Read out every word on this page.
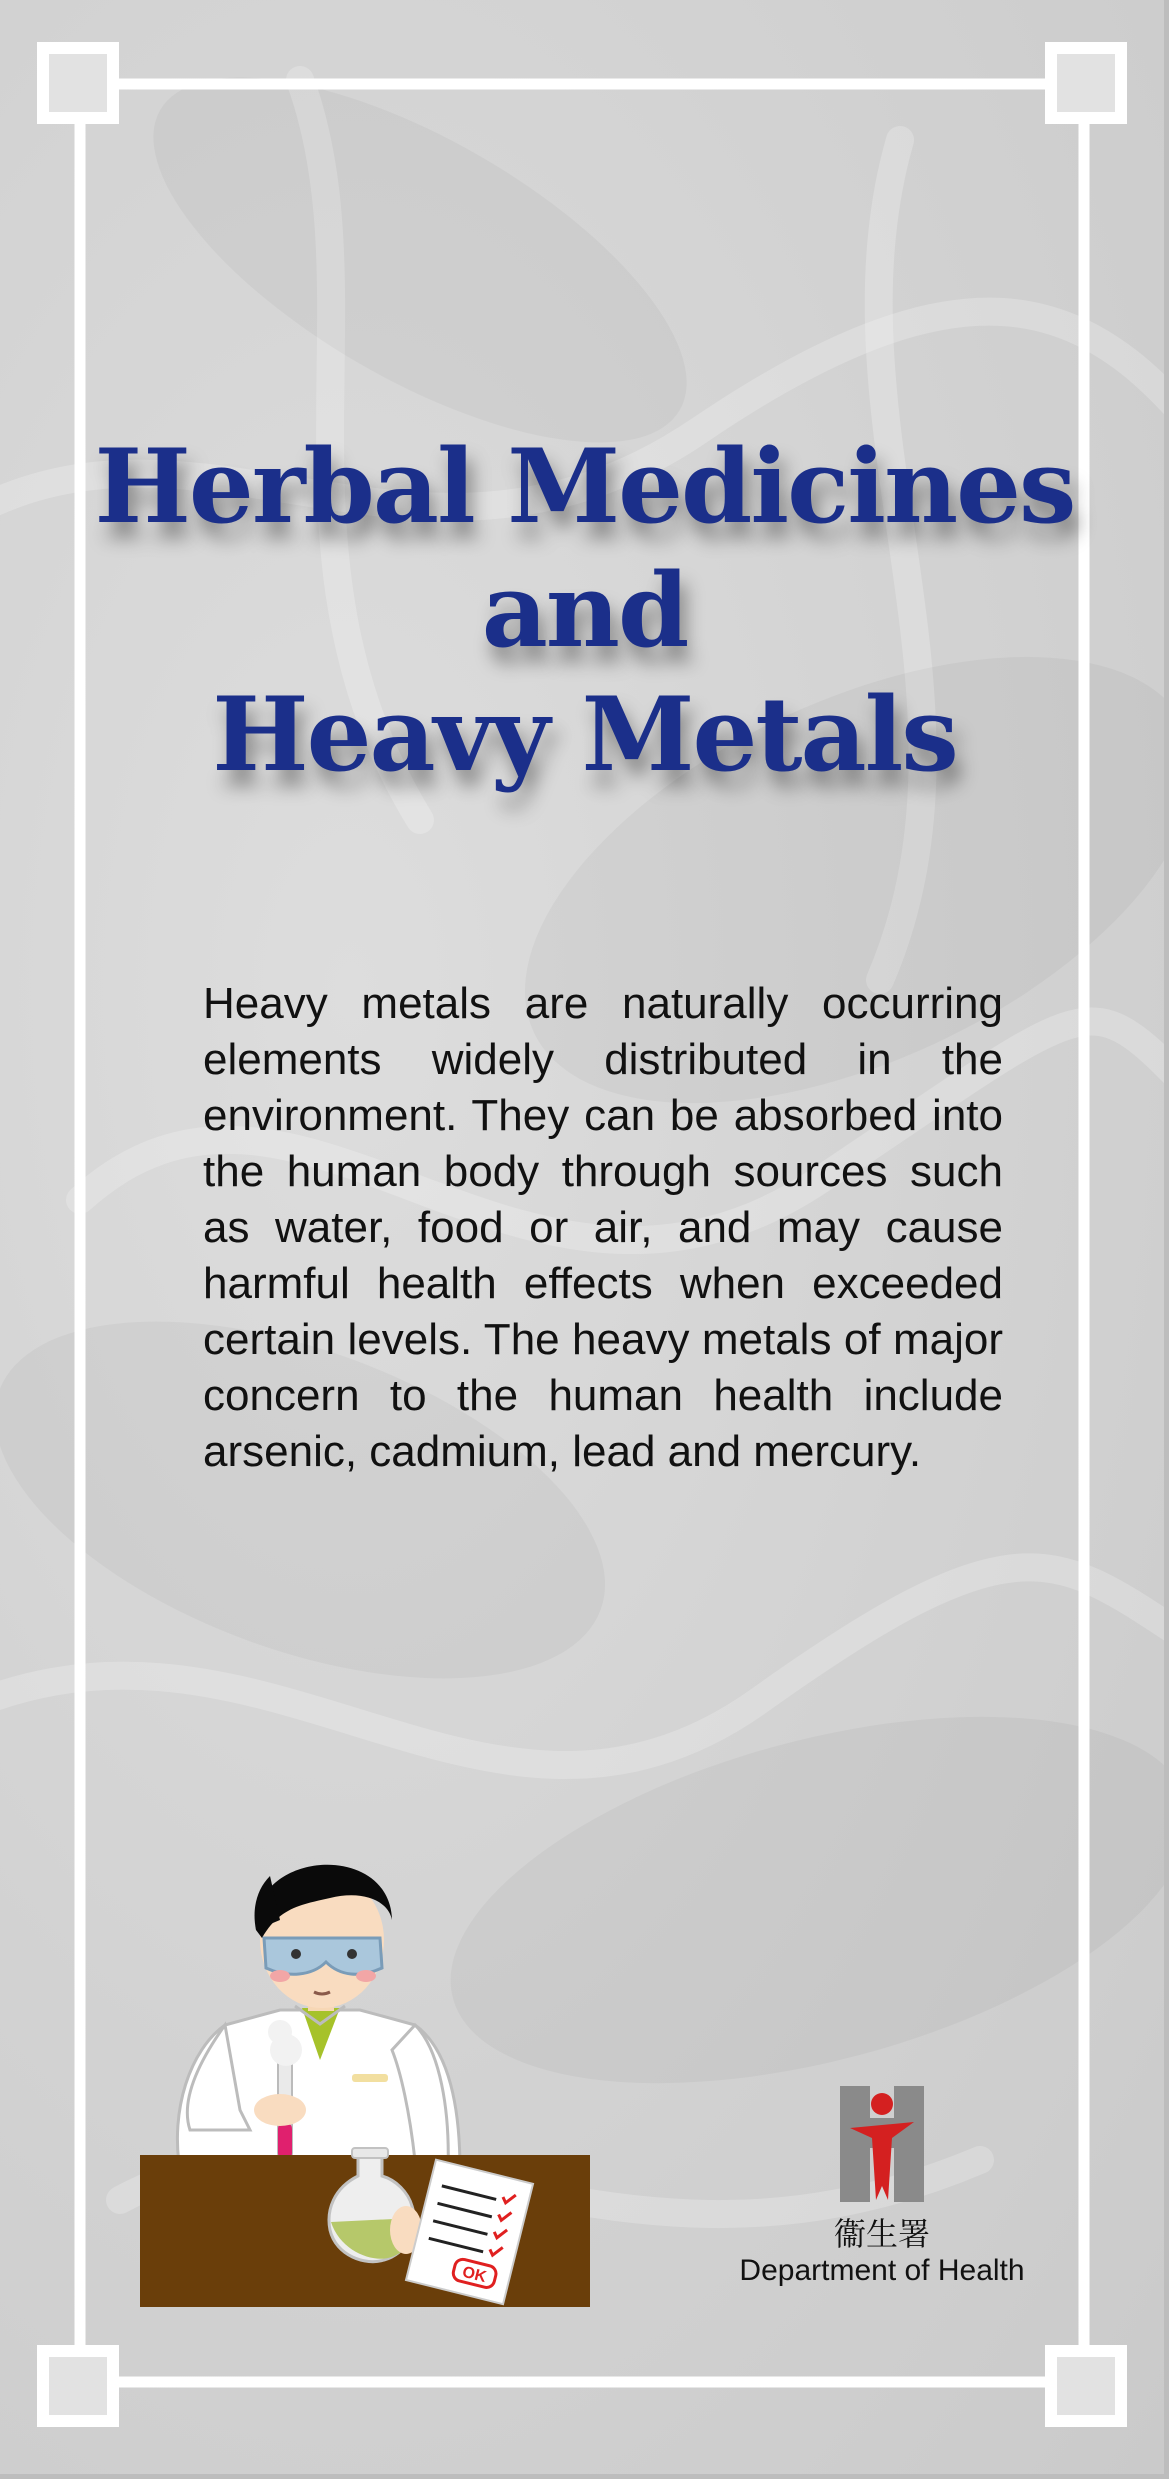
Herbal Medicines
and
Heavy Metals

Heavy metals are naturally occurring elements widely distributed in the environment. They can be absorbed into the human body through sources such as water, food or air, and may cause harmful health effects when exceeded certain levels. The heavy metals of major concern to the human health include arsenic, cadmium, lead and mercury.

OK
衞生署
Department of Health
